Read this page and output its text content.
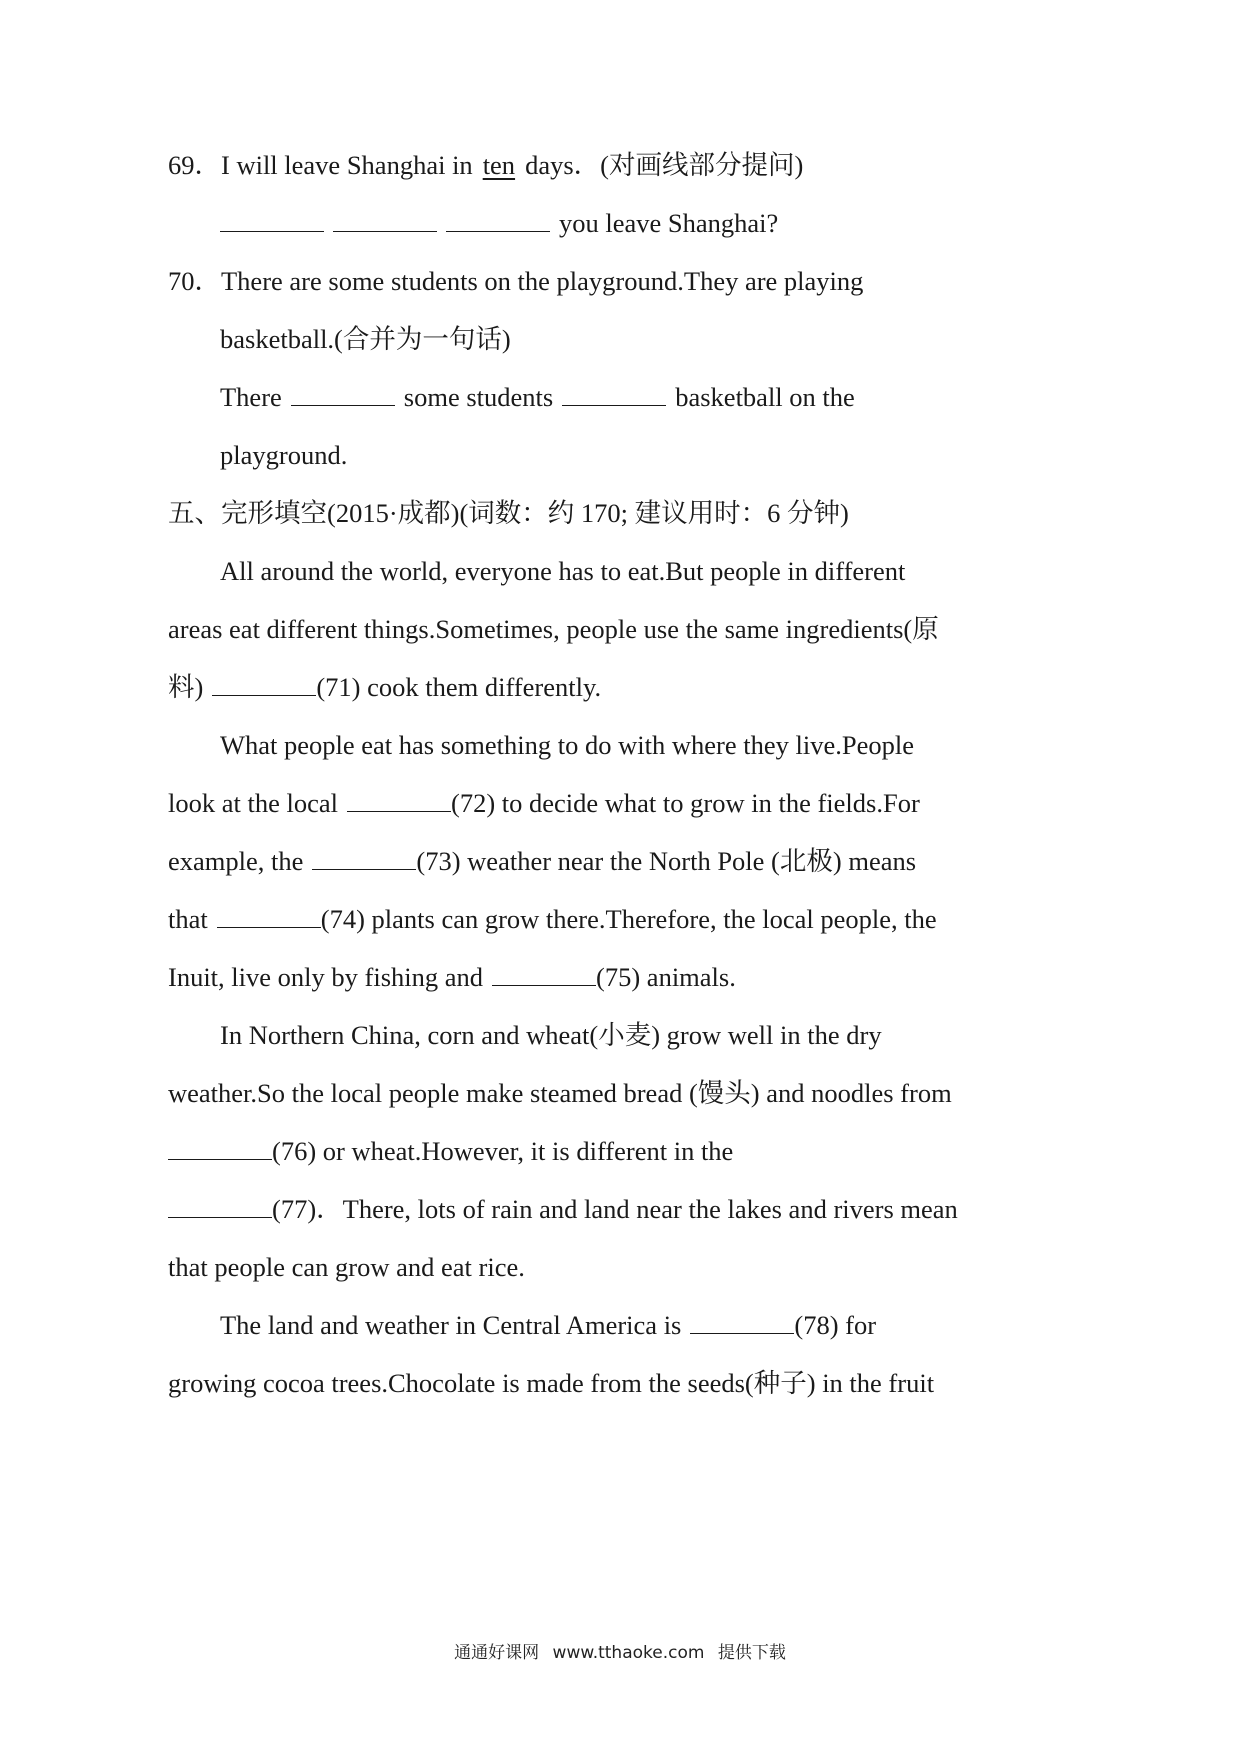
69．I will leave Shanghai in ten days．(对画线部分提问)
you leave Shanghai?
70．There are some students on the playground.They are playing
basketball.(合并为一句话)
There	some students	basketball on the
playground.
五、完形填空(2015·成都)(词数：约 170; 建议用时：6 分钟)
All around the world, everyone has to eat.But people in different
areas eat different things.Sometimes, people use the same ingredients(原
料)	(71) cook them differently.
What people eat has something to do with where they live.People
look at the local	(72) to decide what to grow in the fields.For
example, the	(73) weather near the North Pole (北极) means
that	(74) plants can grow there.Therefore, the local people, the
Inuit, live only by fishing and	(75) animals.
In Northern China, corn and wheat(小麦) grow well in the dry
weather.So the local people make steamed bread (馒头) and noodles from
(76) or wheat.However, it is different in the
(77)．There, lots of rain and land near the lakes and rivers mean
that people can grow and eat rice.
The land and weather in Central America is	(78) for
growing cocoa trees.Chocolate is made from the seeds(种子) in the fruit
通通好课网 www.tthaoke.com 提供下载
